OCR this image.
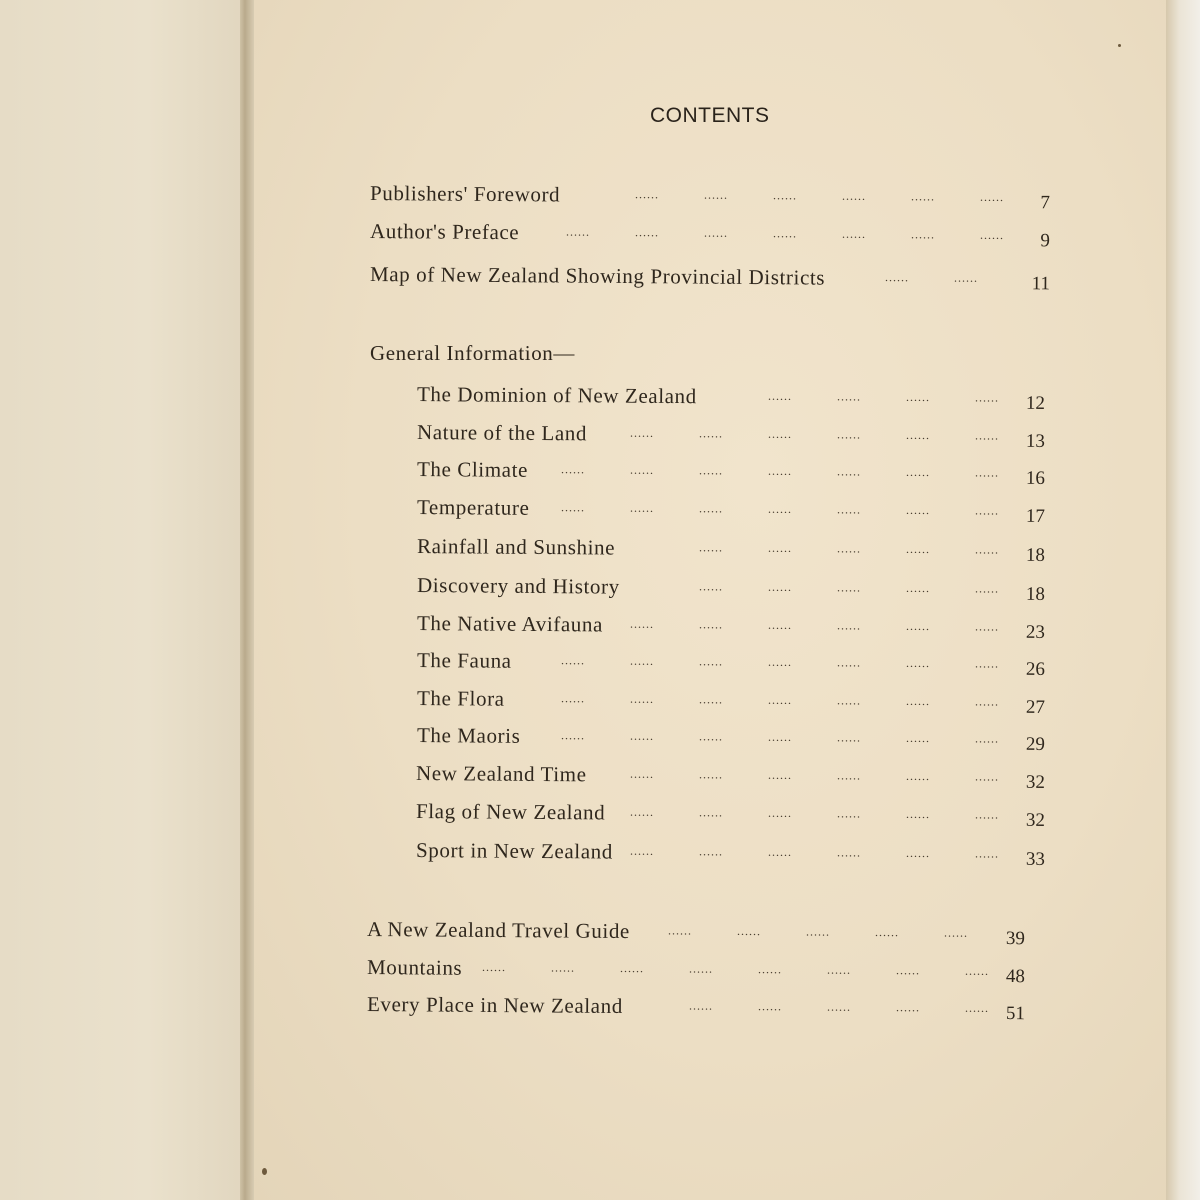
CONTENTS
Publishers' Foreword	......	......	......	......	......	......	7
Author's Preface	......	......	......	......	......	......	......	9
Map of New Zealand Showing Provincial Districts	......	......	11
General Information—
The Dominion of New Zealand	......	......	......	......	12
Nature of the Land	......	......	......	......	......	......	13
The Climate	......	......	......	......	......	......	......	16
Temperature	......	......	......	......	......	......	......	17
Rainfall and Sunshine	......	......	......	......	......	18
Discovery and History	......	......	......	......	......	18
The Native Avifauna ......	......	......	......	......	......	23
The Fauna	......	......	......	......	......	......	......	26
The Flora	......	......	......	......	......	......	......	27
The Maoris	......	......	......	......	......	......	......	29
New Zealand Time	......	......	......	......	......	......	32
Flag of New Zealand ......	......	......	......	......	......	32
Sport in New Zealand ......	......	......	......	......	......	33
A New Zealand Travel Guide	......	......	......	......	......	39
Mountains ......	......	......	......	......	......	......	...... 48
Every Place in New Zealand	......	......	......	......	...... 51
